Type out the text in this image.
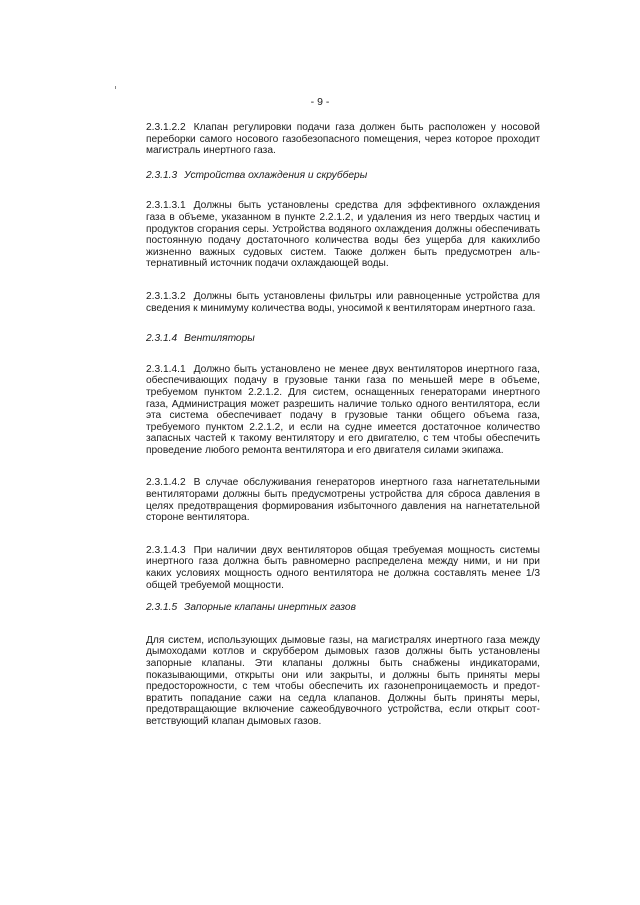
- 9 -

2.3.1.2.2 Клапан регулировки подачи газа должен быть расположен у носовой переборки самого носового газобезопасного помещения, через которое проходит магистраль инертного газа.

2.3.1.3 Устройства охлаждения и скрубберы

2.3.1.3.1 Должны быть установлены средства для эффективного охлаждения газа в объеме, указанном в пункте 2.2.1.2, и удаления из него твердых частиц и продуктов сгорания серы. Устройства водяного охлаждения должны обеспечивать постоянную подачу достаточного количества воды без ущерба для какихлибо жизненно важных судовых систем. Также должен быть предусмотрен альтернативный источник подачи охлаждающей воды.

2.3.1.3.2 Должны быть установлены фильтры или равноценные устройства для сведения к минимуму количества воды, уносимой к вентиляторам инертного газа.

2.3.1.4 Вентиляторы

2.3.1.4.1 Должно быть установлено не менее двух вентиляторов инертного газа, обеспечивающих подачу в грузовые танки газа по меньшей мере в объеме, требуемом пунктом 2.2.1.2. Для систем, оснащенных генераторами инертного газа, Администрация может разрешить наличие только одного вентилятора, если эта система обеспечивает подачу в грузовые танки общего объема газа, требуемого пунктом 2.2.1.2, и если на судне имеется достаточное количество запасных частей к такому вентилятору и его двигателю, с тем чтобы обеспечить проведение любого ремонта вентилятора и его двигателя силами экипажа.

2.3.1.4.2 В случае обслуживания генераторов инертного газа нагнетательными вентиляторами должны быть предусмотрены устройства для сброса давления в целях предотвращения формирования избыточного давления на нагнетательной стороне вентилятора.

2.3.1.4.3 При наличии двух вентиляторов общая требуемая мощность системы инертного газа должна быть равномерно распределена между ними, и ни при каких условиях мощность одного вентилятора не должна составлять менее 1/3 общей требуемой мощности.

2.3.1.5 Запорные клапаны инертных газов

Для систем, использующих дымовые газы, на магистралях инертного газа между дымоходами котлов и скруббером дымовых газов должны быть установлены запорные клапаны. Эти клапаны должны быть снабжены индикаторами, показывающими, открыты они или закрыты, и должны быть приняты меры предосторожности, с тем чтобы обеспечить их газонепроницаемость и предотвратить попадание сажи на седла клапанов. Должны быть приняты меры, предотвращающие включение сажеобдувочного устройства, если открыт соответствующий клапан дымовых газов.
